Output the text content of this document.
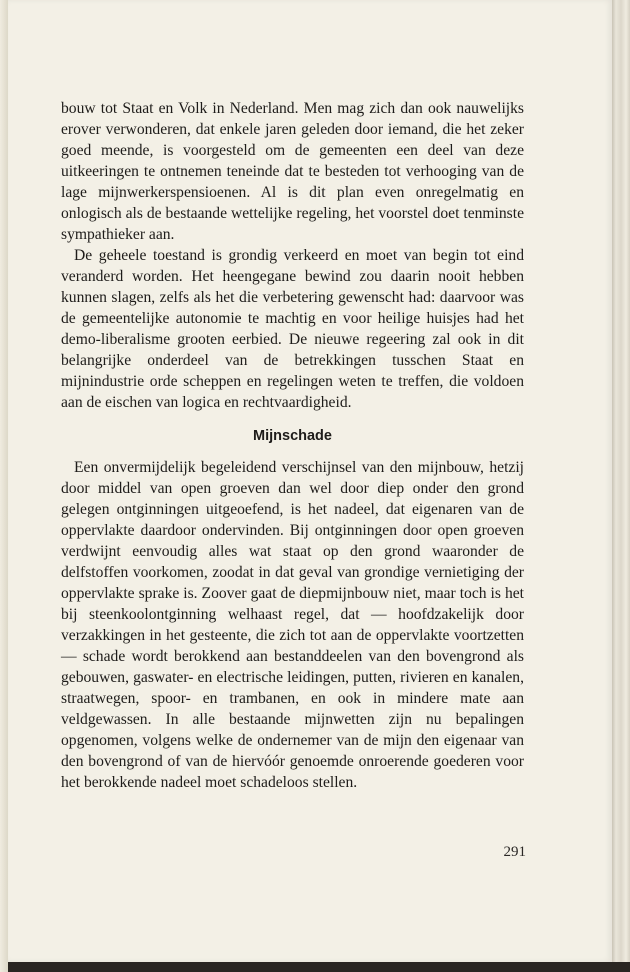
bouw tot Staat en Volk in Nederland. Men mag zich dan ook nauwelijks erover verwonderen, dat enkele jaren geleden door iemand, die het zeker goed meende, is voorgesteld om de gemeenten een deel van deze uitkeeringen te ontnemen teneinde dat te besteden tot verhooging van de lage mijnwerkerspensioenen. Al is dit plan even onregelmatig en onlogisch als de bestaande wettelijke regeling, het voorstel doet tenminste sympathieker aan.

De geheele toestand is grondig verkeerd en moet van begin tot eind veranderd worden. Het heengegane bewind zou daarin nooit hebben kunnen slagen, zelfs als het die verbetering gewenscht had: daarvoor was de gemeentelijke autonomie te machtig en voor heilige huisjes had het demo-liberalisme grooten eerbied. De nieuwe regeering zal ook in dit belangrijke onderdeel van de betrekkingen tusschen Staat en mijnindustrie orde scheppen en regelingen weten te treffen, die voldoen aan de eischen van logica en rechtvaardigheid.

Mijnschade

Een onvermijdelijk begeleidend verschijnsel van den mijnbouw, hetzij door middel van open groeven dan wel door diep onder den grond gelegen ontginningen uitgeoefend, is het nadeel, dat eigenaren van de oppervlakte daardoor ondervinden. Bij ontginningen door open groeven verdwijnt eenvoudig alles wat staat op den grond waaronder de delfstoffen voorkomen, zoodat in dat geval van grondige vernietiging der oppervlakte sprake is. Zoover gaat de diepmijnbouw niet, maar toch is het bij steenkoolontginning welhaast regel, dat — hoofdzakelijk door verzakkingen in het gesteente, die zich tot aan de oppervlakte voortzetten — schade wordt berokkend aan bestanddeelen van den bovengrond als gebouwen, gaswater- en electrische leidingen, putten, rivieren en kanalen, straatwegen, spoor- en trambanen, en ook in mindere mate aan veldgewassen. In alle bestaande mijnwetten zijn nu bepalingen opgenomen, volgens welke de ondernemer van de mijn den eigenaar van den bovengrond of van de hiervóór genoemde onroerende goederen voor het berokkende nadeel moet schadeloos stellen.

291
